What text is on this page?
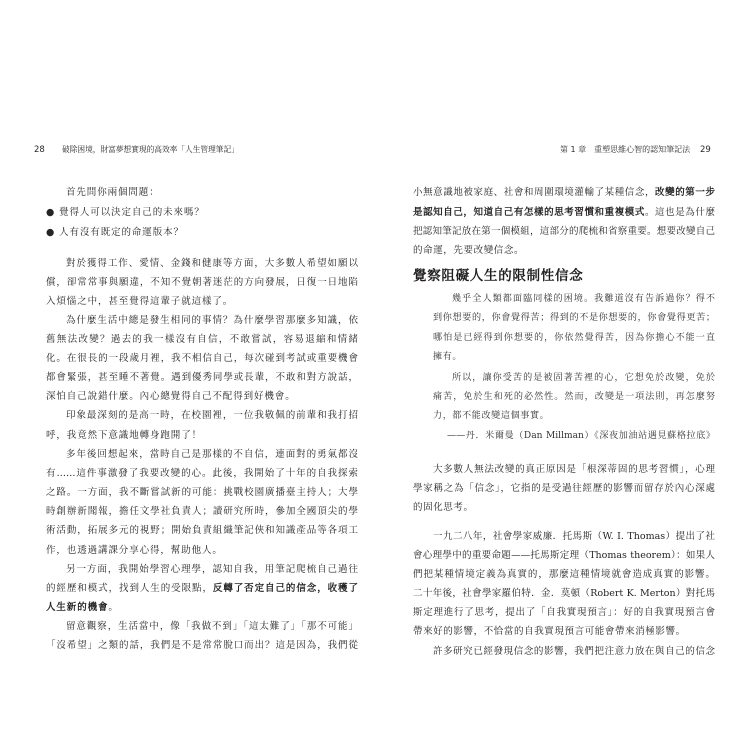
28 破除困境，財富夢想實現的高效率「人生管理筆記」
首先問你兩個問題：
● 覺得人可以決定自己的未來嗎？
● 人有沒有既定的命運版本？
對於獲得工作、愛情、金錢和健康等方面，大多數人希望如願以
償，卻常常事與願違，不知不覺朝著迷茫的方向發展，日復一日地陷
入煩惱之中，甚至覺得這輩子就這樣了。
為什麼生活中總是發生相同的事情？為什麼學習那麼多知識，依
舊無法改變？過去的我一樣沒有自信，不敢嘗試，容易退縮和情緒
化。在很長的一段歲月裡，我不相信自己，每次碰到考試或重要機會
都會緊張，甚至睡不著覺。遇到優秀同學或長輩，不敢和對方說話，
深怕自己說錯什麼。內心總覺得自己不配得到好機會。
印象最深刻的是高一時，在校園裡，一位我敬佩的前輩和我打招
呼，我竟然下意識地轉身跑開了！
多年後回想起來，當時自己是那樣的不自信，連面對的勇氣都沒
有……這件事激發了我要改變的心。此後，我開始了十年的自我探索
之路。一方面，我不斷嘗試新的可能：挑戰校園廣播臺主持人；大學
時創辦新聞報，擔任文學社負責人；讀研究所時，參加全國頂尖的學
術活動，拓展多元的視野；開始負責組織筆記俠和知識產品等各項工
作，也透過講課分享心得，幫助他人。
另一方面，我開始學習心理學，認知自我，用筆記爬梳自己過往
的經歷和模式，找到人生的受限點，反轉了否定自己的信念，收穫了
人生新的機會。
留意觀察，生活當中，像「我做不到」「這太難了」「那不可能」
「沒希望」之類的話，我們是不是常常脫口而出？這是因為，我們從
第 1 章　重塑思維心智的認知筆記法 29
小無意識地被家庭、社會和周圍環境灌輸了某種信念，改變的第一步
是認知自己，知道自己有怎樣的思考習慣和重複模式。這也是為什麼
把認知筆記放在第一個模組，這部分的爬梳和省察重要。想要改變自己
的命運，先要改變信念。
覺察阻礙人生的限制性信念
幾乎全人類都面臨同樣的困境。我難道沒有告訴過你？得不
到你想要的，你會覺得苦；得到的不是你想要的，你會覺得更苦；
哪怕是已經得到你想要的，你依然覺得苦，因為你擔心不能一直
擁有。
所以，讓你受苦的是被固著苦裡的心，它想免於改變，免於
痛苦，免於生和死的必然性。然而，改變是一項法則，再怎麼努
力，都不能改變這個事實。
——丹．米爾曼（Dan Millman）《深夜加油站遇見蘇格拉底》
大多數人無法改變的真正原因是「根深蒂固的思考習慣」，心理
學家稱之為「信念」，它指的是受過往經歷的影響而留存於內心深處
的固化思考。
一九二八年，社會學家威廉．托馬斯（W. I. Thomas）提出了社
會心理學中的重要命題——托馬斯定理（Thomas theorem）：如果人
們把某種情境定義為真實的，那麼這種情境就會造成真實的影響。
二十年後，社會學家羅伯特．金．莫頓（Robert K. Merton）對托馬
斯定理進行了思考，提出了「自我實現預言」：好的自我實現預言會
帶來好的影響，不恰當的自我實現預言可能會帶來消極影響。
許多研究已經發現信念的影響，我們把注意力放在與自己的信念
